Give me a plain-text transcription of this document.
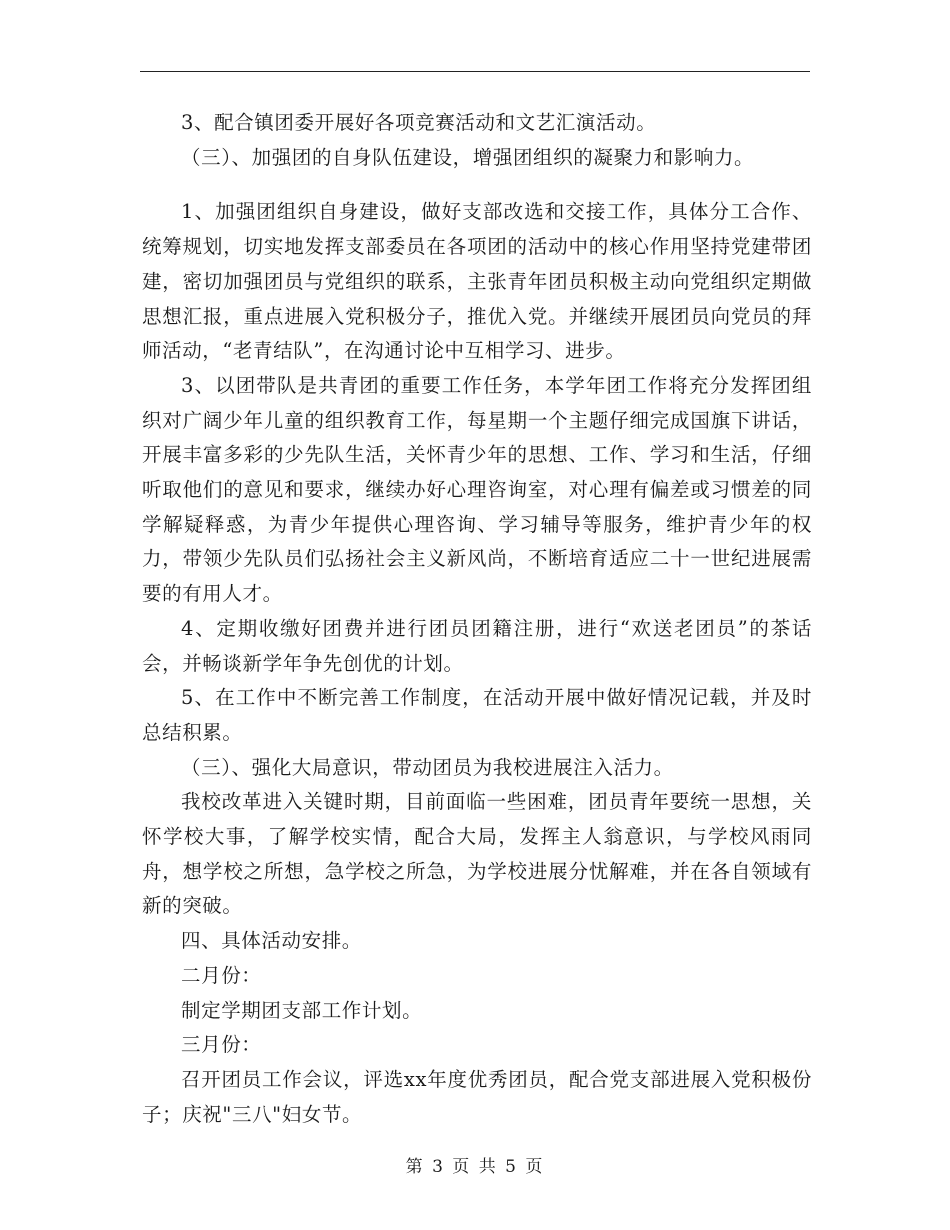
3、配合镇团委开展好各项竞赛活动和文艺汇演活动。

（三）、加强团的自身队伍建设，增强团组织的凝聚力和影响力。

1、加强团组织自身建设，做好支部改选和交接工作，具体分工合作、统筹规划，切实地发挥支部委员在各项团的活动中的核心作用坚持党建带团建，密切加强团员与党组织的联系，主张青年团员积极主动向党组织定期做思想汇报，重点进展入党积极分子，推优入党。并继续开展团员向党员的拜师活动，“老青结队”，在沟通讨论中互相学习、进步。

3、以团带队是共青团的重要工作任务，本学年团工作将充分发挥团组织对广阔少年儿童的组织教育工作，每星期一个主题仔细完成国旗下讲话，开展丰富多彩的少先队生活，关怀青少年的思想、工作、学习和生活，仔细听取他们的意见和要求，继续办好心理咨询室，对心理有偏差或习惯差的同学解疑释惑，为青少年提供心理咨询、学习辅导等服务，维护青少年的权力，带领少先队员们弘扬社会主义新风尚，不断培育适应二十一世纪进展需要的有用人才。

4、定期收缴好团费并进行团员团籍注册，进行“欢送老团员”的茶话会，并畅谈新学年争先创优的计划。

5、在工作中不断完善工作制度，在活动开展中做好情况记载，并及时总结积累。

（三）、强化大局意识，带动团员为我校进展注入活力。

我校改革进入关键时期，目前面临一些困难，团员青年要统一思想，关怀学校大事，了解学校实情，配合大局，发挥主人翁意识，与学校风雨同舟，想学校之所想，急学校之所急，为学校进展分忧解难，并在各自领域有新的突破。

四、具体活动安排。

二月份：

制定学期团支部工作计划。

三月份：

召开团员工作会议，评选xx年度优秀团员，配合党支部进展入党积极份子；庆祝"三八"妇女节。

第 3 页 共 5 页
